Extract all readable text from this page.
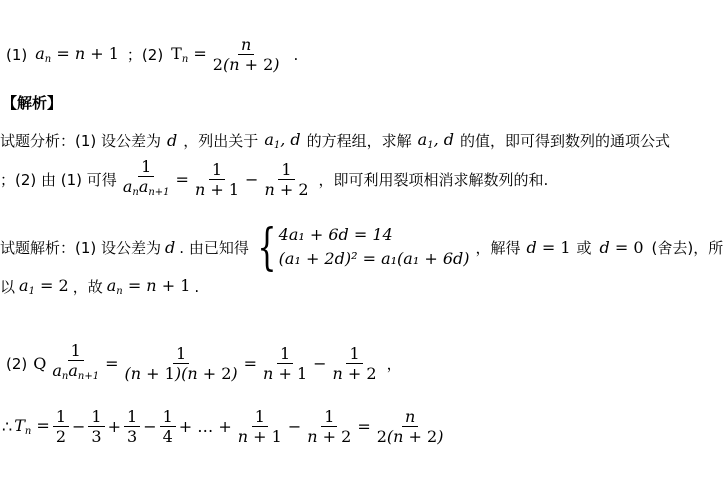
(1) $a_n = n + 1$ ； (2) $T_n = \frac{n}{2(n + 2)}$ .
【解析】
试题分析： (1) 设公差为 d ，列出关于 $a_1$, d 的方程组，求解 $a_1$, d 的值，即可得到数列的通项公式
；(2) 由 (1) 可得 $\frac{1}{a_na_{n+1}} = \frac{1}{n + 1} - \frac{1}{n + 2}$ ，即可利用裂项相消求解数列的和.
试题解析： (1) 设公差为 d . 由已知得 { 4a₁ + 6d = 14
(a₁ + 2d)² = a₁(a₁ + 6d)
，解得 d = 1 或 d = 0 (舍去)，所
以 $a_1 = 2$ ，故 $a_n = n + 1$ .
(2) Q $\frac{1}{a_na_{n+1}} = \frac{1}{(n + 1)(n + 2)} = \frac{1}{n + 1} - \frac{1}{n + 2}$ ，
∴ $T_n = \frac{1}{2} - \frac{1}{3} + \frac{1}{3} - \frac{1}{4}$ + … + $\frac{1}{n + 1} - \frac{1}{n + 2} = \frac{n}{2(n + 2)}$
